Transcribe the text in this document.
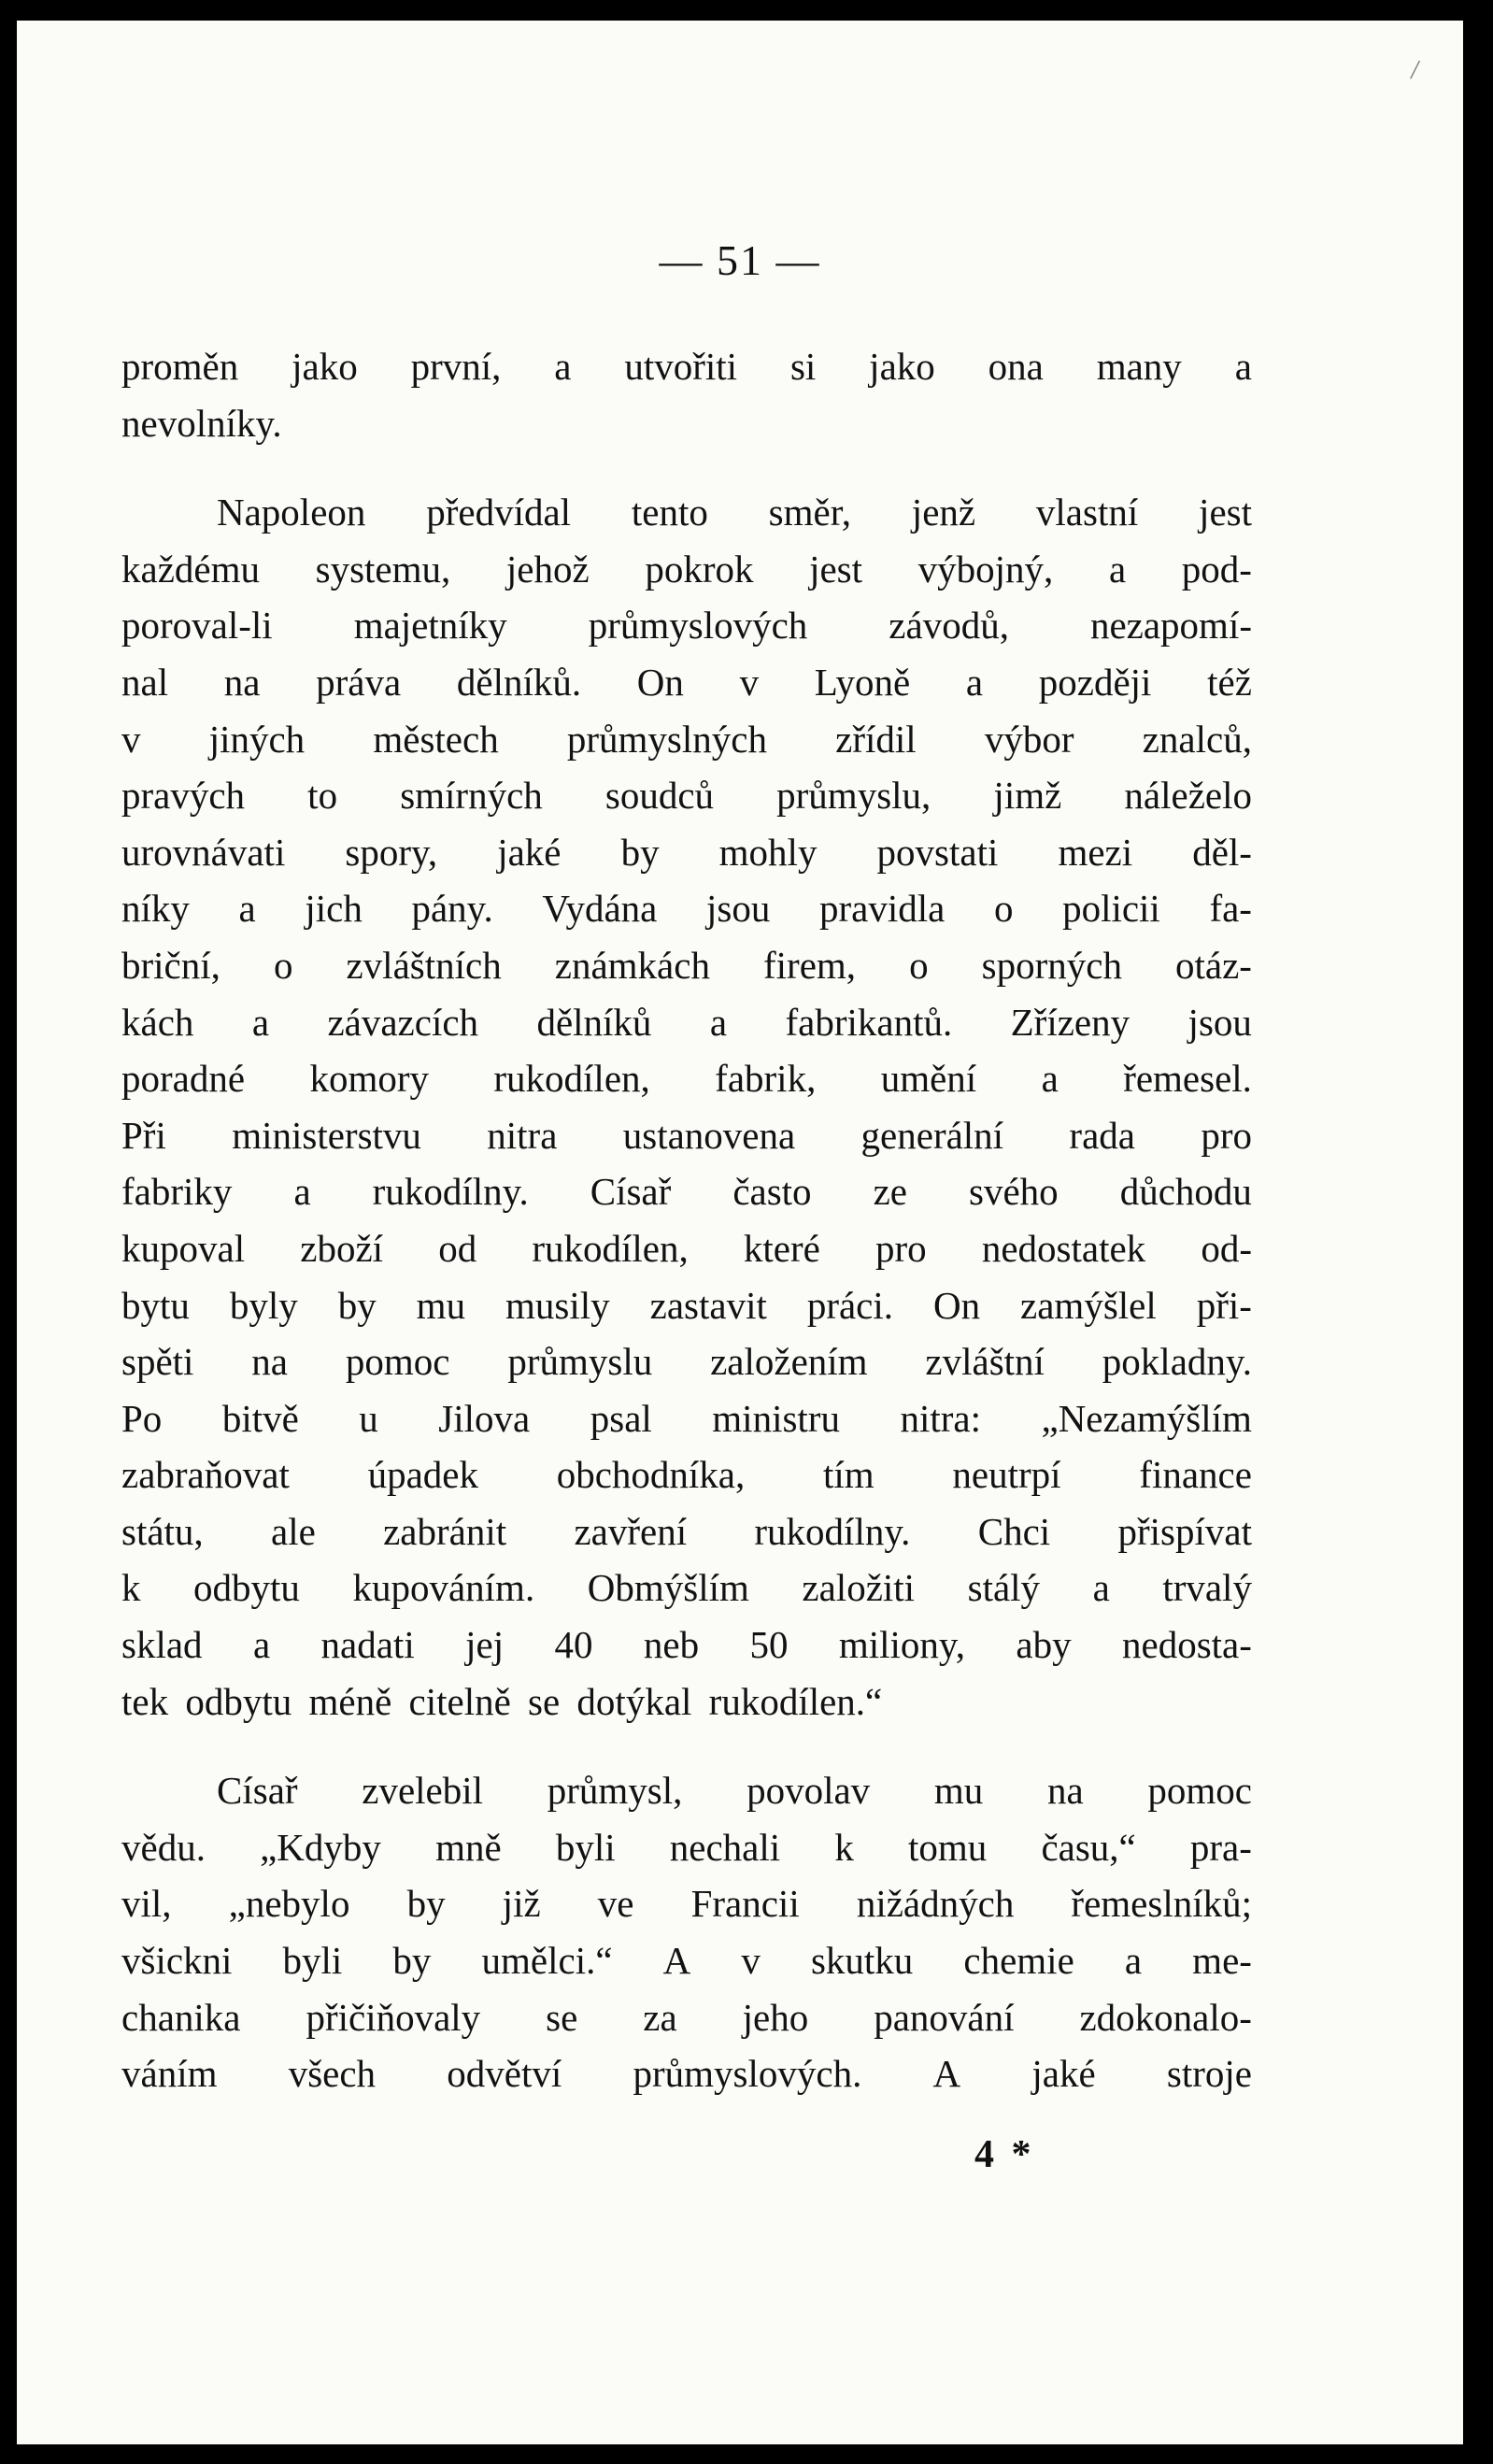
/
— 51 —
proměn jako první, a utvořiti si jako ona many a
nevolníky.
Napoleon předvídal tento směr, jenž vlastní jest
každému systemu, jehož pokrok jest výbojný, a pod-
poroval-li majetníky průmyslových závodů, nezapomí-
nal na práva dělníků. On v Lyoně a později též
v jiných městech průmyslných zřídil výbor znalců,
pravých to smírných soudců průmyslu, jimž náleželo
urovnávati spory, jaké by mohly povstati mezi děl-
níky a jich pány. Vydána jsou pravidla o policii fa-
briční, o zvláštních známkách firem, o sporných otáz-
kách a závazcích dělníků a fabrikantů. Zřízeny jsou
poradné komory rukodílen, fabrik, umění a řemesel.
Při ministerstvu nitra ustanovena generální rada pro
fabriky a rukodílny. Císař často ze svého důchodu
kupoval zboží od rukodílen, které pro nedostatek od-
bytu byly by mu musily zastavit práci. On zamýšlel při-
spěti na pomoc průmyslu založením zvláštní pokladny.
Po bitvě u Jilova psal ministru nitra: „Nezamýšlím
zabraňovat úpadek obchodníka, tím neutrpí finance
státu, ale zabránit zavření rukodílny. Chci přispívat
k odbytu kupováním. Obmýšlím založiti stálý a trvalý
sklad a nadati jej 40 neb 50 miliony, aby nedosta-
tek odbytu méně citelně se dotýkal rukodílen.“
Císař zvelebil průmysl, povolav mu na pomoc
vědu. „Kdyby mně byli nechali k tomu času,“ pra-
vil, „nebylo by již ve Francii nižádných řemeslníků;
všickni byli by umělci.“ A v skutku chemie a me-
chanika přičiňovaly se za jeho panování zdokonalo-
váním všech odvětví průmyslových. A jaké stroje
4 *
